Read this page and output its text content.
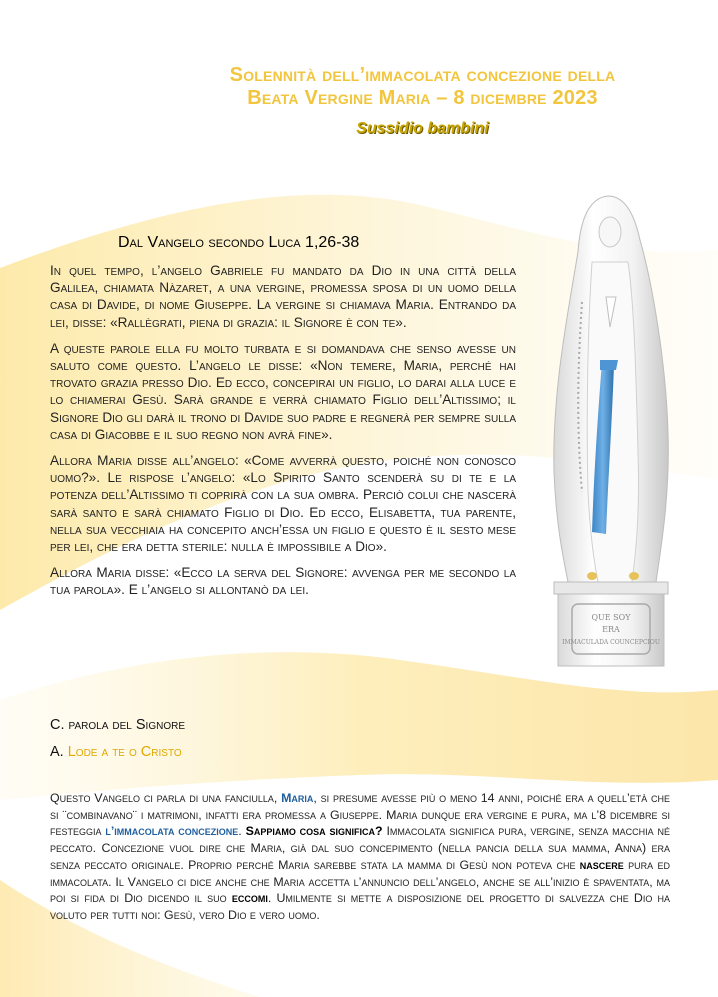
Solennità dell’immacolata concezione della
Beata Vergine Maria – 8 dicembre 2023
Sussidio bambini
Dal Vangelo secondo Luca 1,26-38

In quel tempo, l’angelo Gabriele fu mandato da Dio in una città della Galilea, chiamata Nàzaret, a una vergine, promessa sposa di un uomo della casa di Davide, di nome Giuseppe. La vergine si chiamava Maria. Entrando da lei, disse: «Rallègrati, piena di grazia: il Signore è con te».

A queste parole ella fu molto turbata e si domandava che senso avesse un saluto come questo. L’angelo le disse: «Non temere, Maria, perché hai trovato grazia presso Dio. Ed ecco, concepirai un figlio, lo darai alla luce e lo chiamerai Gesù. Sarà grande e verrà chiamato Figlio dell’Altissimo; il Signore Dio gli darà il trono di Davide suo padre e regnerà per sempre sulla casa di Giacobbe e il suo regno non avrà fine».

Allora Maria disse all’angelo: «Come avverrà questo, poiché non conosco uomo?». Le rispose l’angelo: «Lo Spirito Santo scenderà su di te e la potenza dell’Altissimo ti coprirà con la sua ombra. Perciò colui che nascerà sarà santo e sarà chiamato Figlio di Dio. Ed ecco, Elisabetta, tua parente, nella sua vecchiaia ha concepito anch’essa un figlio e questo è il sesto mese per lei, che era detta sterile: nulla è impossibile a Dio».

Allora Maria disse: «Ecco la serva del Signore: avvenga per me secondo la tua parola». E l’angelo si allontanò da lei.

C. parola del Signore
A. Lode a te o Cristo

Questo Vangelo ci parla di una fanciulla, Maria, si presume avesse più o meno 14 anni, poiché era a quell’età che si ¨combinavano¨ i matrimoni, infatti era promessa a Giuseppe. Maria dunque era vergine e pura, ma l’8 dicembre si festeggia l’immacolata concezione. Sappiamo cosa significa? Immacolata significa pura, vergine, senza macchia né peccato. Concezione vuol dire che Maria, già dal suo concepimento (nella pancia della sua mamma, Anna) era senza peccato originale. Proprio perché Maria sarebbe stata la mamma di Gesù non poteva che nascere pura ed immacolata. Il Vangelo ci dice anche che Maria accetta l’annuncio dell’angelo, anche se all’inizio è spaventata, ma poi si fida di Dio dicendo il suo eccomi. Umilmente si mette a disposizione del progetto di salvezza che Dio ha voluto per tutti noi: Gesù, vero Dio e vero uomo.

QUE SOY
ERA
IMMACULADA COUNCEPCIOU
